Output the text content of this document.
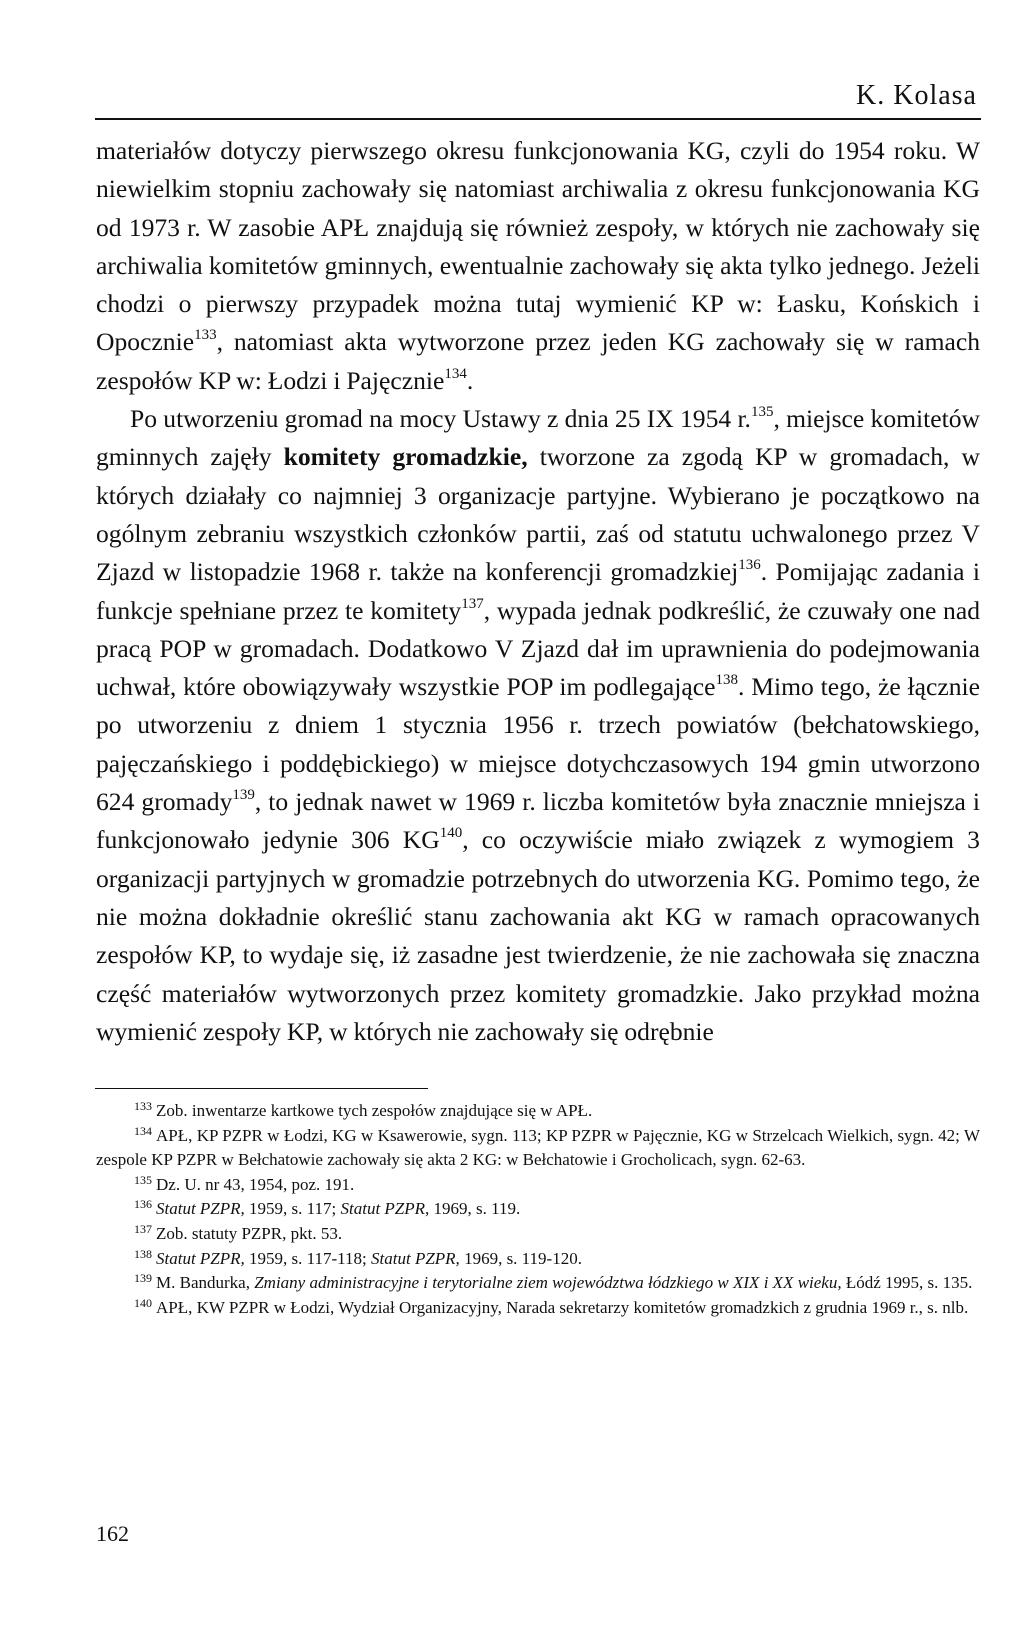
K. Kolasa

materiałów dotyczy pierwszego okresu funkcjonowania KG, czyli do 1954 roku. W niewielkim stopniu zachowały się natomiast archiwalia z okresu funkcjonowania KG od 1973 r. W zasobie APŁ znajdują się również zespoły, w których nie zachowały się archiwalia komitetów gminnych, ewentualnie zachowały się akta tylko jednego. Jeżeli chodzi o pierwszy przypadek można tutaj wymienić KP w: Łasku, Końskich i Opocznie$^{133}$, natomiast akta wytworzone przez jeden KG zachowały się w ramach zespołów KP w: Łodzi i Pajęcznie$^{134}$.

Po utworzeniu gromad na mocy Ustawy z dnia 25 IX 1954 r.$^{135}$, miejsce komitetów gminnych zajęły komitety gromadzkie, tworzone za zgodą KP w gromadach, w których działały co najmniej 3 organizacje partyjne. Wybierano je początkowo na ogólnym zebraniu wszystkich członków partii, zaś od statutu uchwalonego przez V Zjazd w listopadzie 1968 r. także na konferencji gromadzkiej$^{136}$. Pomijając zadania i funkcje spełniane przez te komitety$^{137}$, wypada jednak podkreślić, że czuwały one nad pracą POP w gromadach. Dodatkowo V Zjazd dał im uprawnienia do podejmowania uchwał, które obowiązywały wszystkie POP im podlegające$^{138}$. Mimo tego, że łącznie po utworzeniu z dniem 1 stycznia 1956 r. trzech powiatów (bełchatowskiego, pajęczańskiego i poddębickiego) w miejsce dotychczasowych 194 gmin utworzono 624 gromady$^{139}$, to jednak nawet w 1969 r. liczba komitetów była znacznie mniejsza i funkcjonowało jedynie 306 KG$^{140}$, co oczywiście miało związek z wymogiem 3 organizacji partyjnych w gromadzie potrzebnych do utworzenia KG. Pomimo tego, że nie można dokładnie określić stanu zachowania akt KG w ramach opracowanych zespołów KP, to wydaje się, iż zasadne jest twierdzenie, że nie zachowała się znaczna część materiałów wytworzonych przez komitety gromadzkie. Jako przykład można wymienić zespoły KP, w których nie zachowały się odrębnie

$^{133}$ Zob. inwentarze kartkowe tych zespołów znajdujące się w APŁ.

$^{134}$ APŁ, KP PZPR w Łodzi, KG w Ksawerowie, sygn. 113; KP PZPR w Pajęcznie, KG w Strzelcach Wielkich, sygn. 42; W zespole KP PZPR w Bełchatowie zachowały się akta 2 KG: w Bełchatowie i Grocholicach, sygn. 62-63.

$^{135}$ Dz. U. nr 43, 1954, poz. 191.

$^{136}$ Statut PZPR, 1959, s. 117; Statut PZPR, 1969, s. 119.

$^{137}$ Zob. statuty PZPR, pkt. 53.

$^{138}$ Statut PZPR, 1959, s. 117-118; Statut PZPR, 1969, s. 119-120.

$^{139}$ M. Bandurka, Zmiany administracyjne i terytorialne ziem województwa łódzkiego w XIX i XX wieku, Łódź 1995, s. 135.

$^{140}$ APŁ, KW PZPR w Łodzi, Wydział Organizacyjny, Narada sekretarzy komitetów gromadzkich z grudnia 1969 r., s. nlb.

162
